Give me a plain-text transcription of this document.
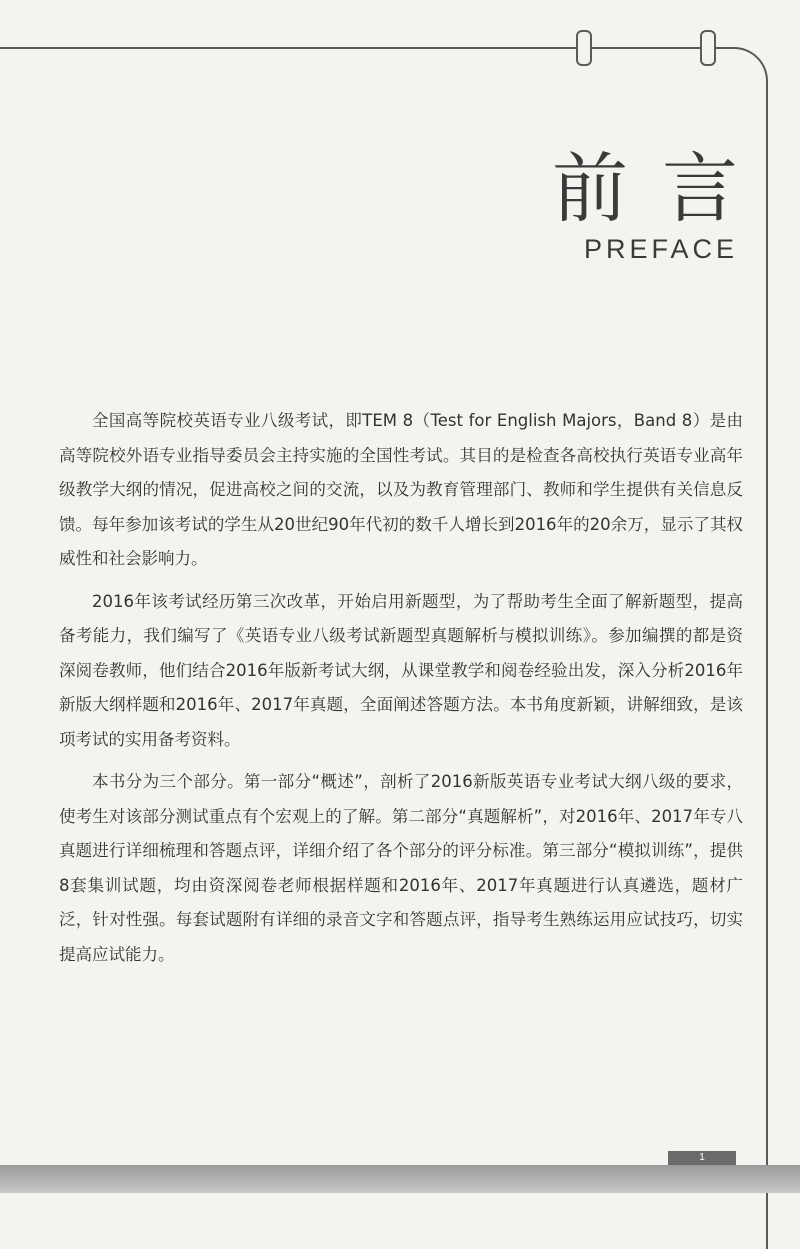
前言
PREFACE

全国高等院校英语专业八级考试，即TEM 8（Test for English Majors，Band 8）是由高等院校外语专业指导委员会主持实施的全国性考试。其目的是检查各高校执行英语专业高年级教学大纲的情况，促进高校之间的交流，以及为教育管理部门、教师和学生提供有关信息反馈。每年参加该考试的学生从20世纪90年代初的数千人增长到2016年的20余万，显示了其权威性和社会影响力。

2016年该考试经历第三次改革，开始启用新题型，为了帮助考生全面了解新题型，提高备考能力，我们编写了《英语专业八级考试新题型真题解析与模拟训练》。参加编撰的都是资深阅卷教师，他们结合2016年版新考试大纲，从课堂教学和阅卷经验出发，深入分析2016年新版大纲样题和2016年、2017年真题，全面阐述答题方法。本书角度新颖，讲解细致，是该项考试的实用备考资料。

本书分为三个部分。第一部分“概述”，剖析了2016新版英语专业考试大纲八级的要求，使考生对该部分测试重点有个宏观上的了解。第二部分“真题解析”，对2016年、2017年专八真题进行详细梳理和答题点评，详细介绍了各个部分的评分标准。第三部分“模拟训练”，提供8套集训试题，均由资深阅卷老师根据样题和2016年、2017年真题进行认真遴选，题材广泛，针对性强。每套试题附有详细的录音文字和答题点评，指导考生熟练运用应试技巧，切实提高应试能力。

1
